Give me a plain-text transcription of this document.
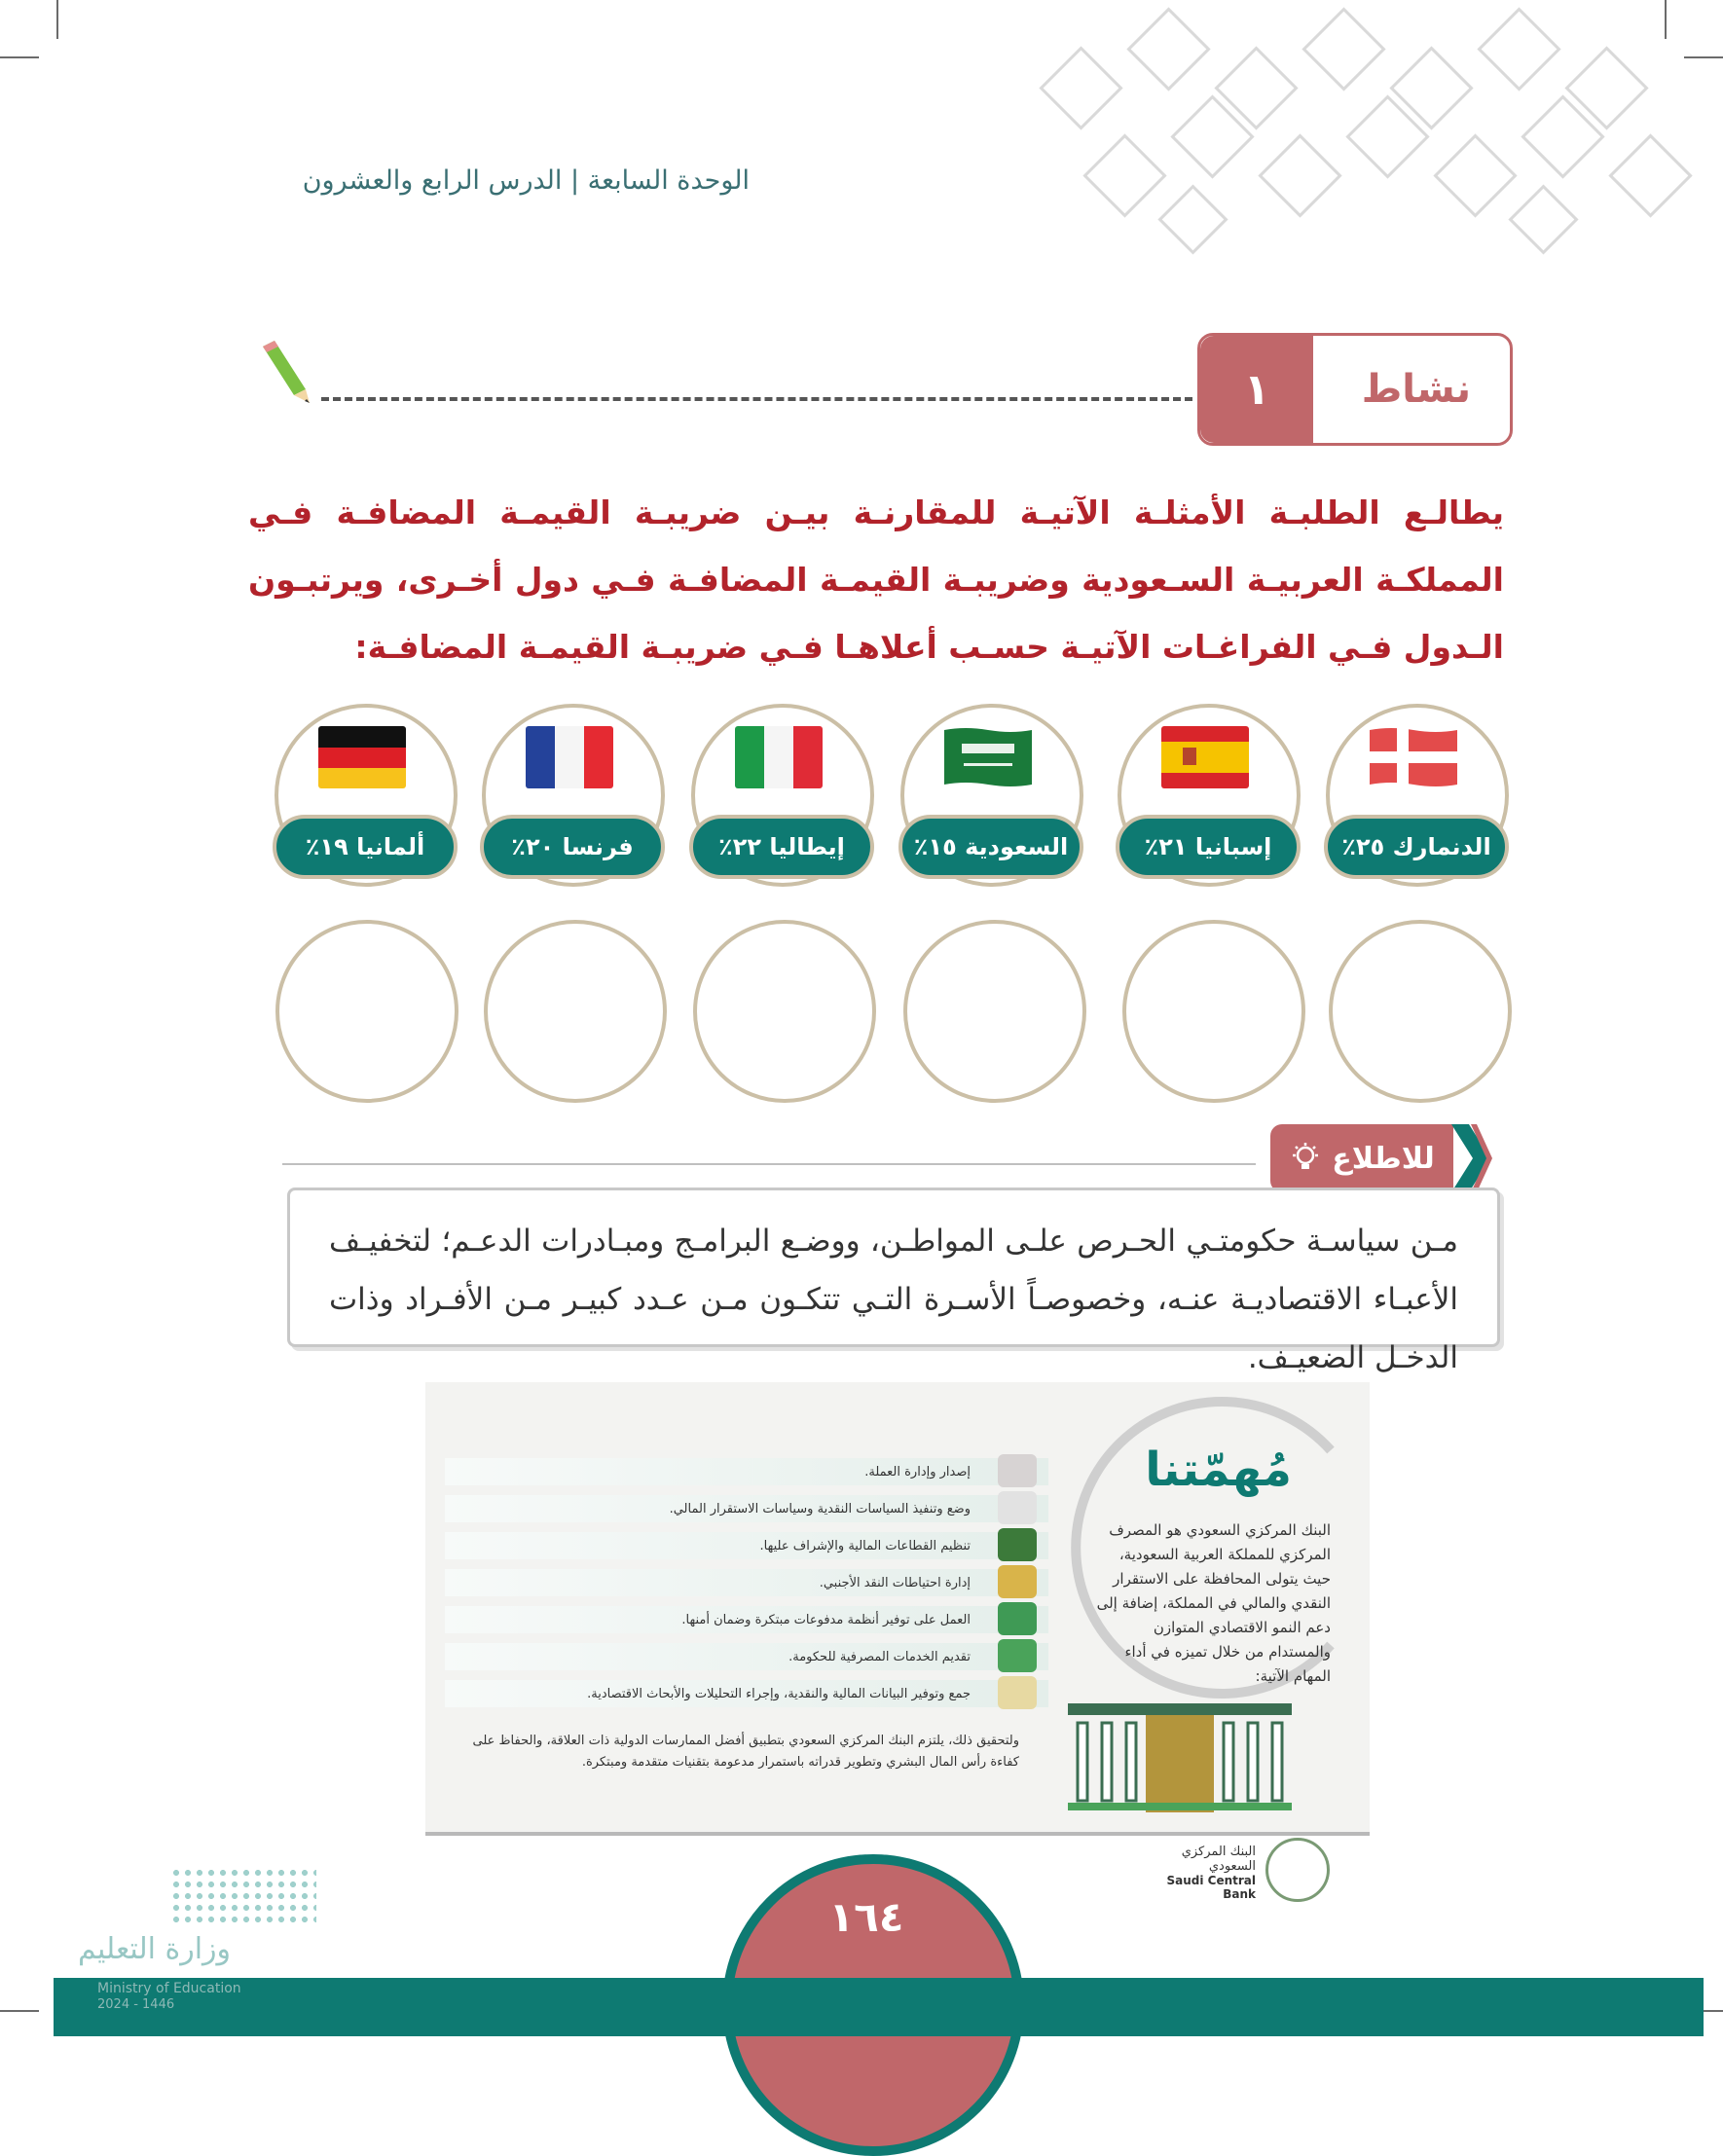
الوحدة السابعة | الدرس الرابع والعشرون
١	نشاط
يطالـع الطلبـة الأمثلـة الآتيـة للمقارنـة بيـن ضريبـة القيمـة المضافـة فـي المملكـة العربيـة السـعودية وضريبـة القيمـة المضافـة فـي دول أخـرى، ويرتبـون الـدول فـي الفراغـات الآتيـة حسـب أعلاهـا فـي ضريبـة القيمـة المضافـة:
الدنمارك ٢٥٪
إسبانيا ٢١٪
السعودية ١٥٪
إيطاليا ٢٢٪
فرنسا ٢٠٪
ألمانيا ١٩٪
للاطلاع
مـن سياسـة حكومتـي الحـرص علـى المواطـن، ووضـع البرامـج ومبـادرات الدعـم؛ لتخفيـف الأعبـاء الاقتصاديـة عنـه، وخصوصـاً الأسـرة التـي تتكـون مـن عـدد كبيـر مـن الأفـراد وذات الدخـل الضعيـف.
مُهمّتنا
البنك المركزي السعودي هو المصرف المركزي للمملكة العربية السعودية، حيث يتولى المحافظة على الاستقرار النقدي والمالي في المملكة، إضافة إلى دعم النمو الاقتصادي المتوازن والمستدام من خلال تميزه في أداء المهام الآتية:
إصدار وإدارة العملة.
وضع وتنفيذ السياسات النقدية وسياسات الاستقرار المالي.
تنظيم القطاعات المالية والإشراف عليها.
إدارة احتياطات النقد الأجنبي.
العمل على توفير أنظمة مدفوعات مبتكرة وضمان أمنها.
تقديم الخدمات المصرفية للحكومة.
جمع وتوفير البيانات المالية والنقدية، وإجراء التحليلات والأبحاث الاقتصادية.
ولتحقيق ذلك، يلتزم البنك المركزي السعودي بتطبيق أفضل الممارسات الدولية ذات العلاقة، والحفاظ على كفاءة رأس المال البشري وتطوير قدراته باستمرار مدعومة بتقنيات متقدمة ومبتكرة.
البنك المركزي السعودي
Saudi Central Bank
١٦٤
وزارة التعليم
Ministry of Education
2024 - 1446
